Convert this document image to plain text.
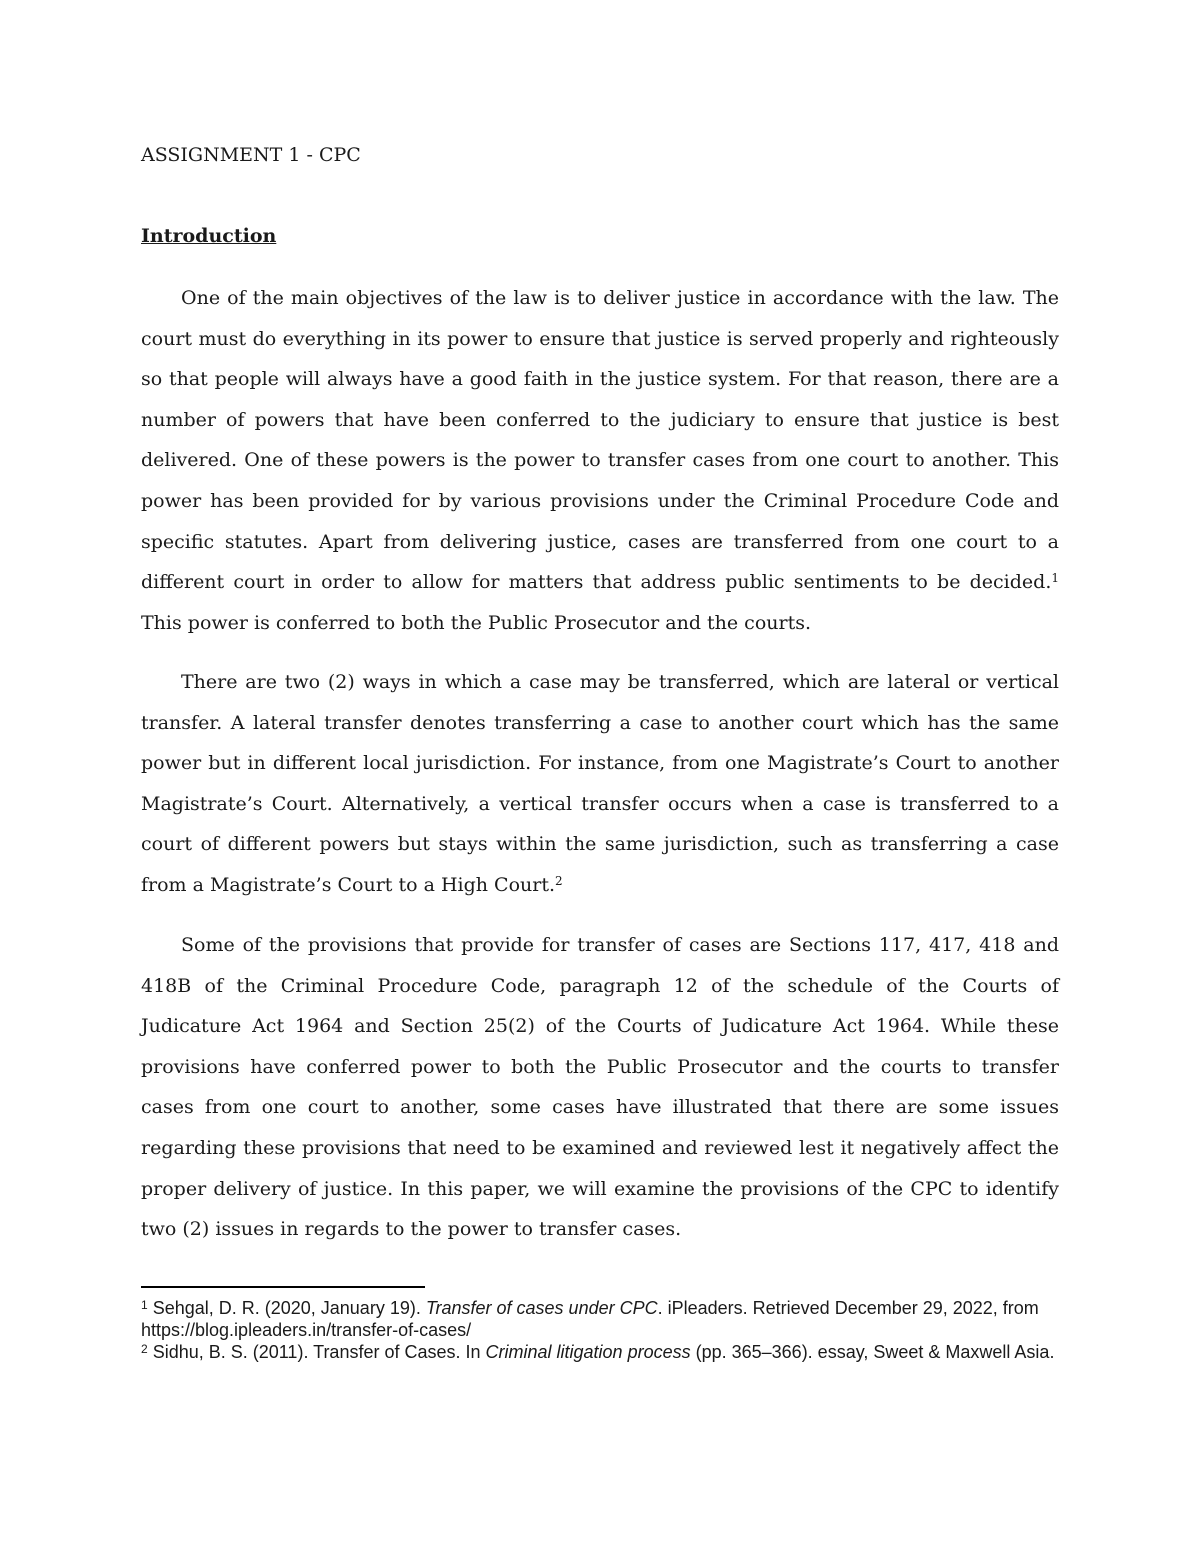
ASSIGNMENT 1 - CPC
Introduction

One of the main objectives of the law is to deliver justice in accordance with the law. The court must do everything in its power to ensure that justice is served properly and righteously so that people will always have a good faith in the justice system. For that reason, there are a number of powers that have been conferred to the judiciary to ensure that justice is best delivered. One of these powers is the power to transfer cases from one court to another. This power has been provided for by various provisions under the Criminal Procedure Code and specific statutes. Apart from delivering justice, cases are transferred from one court to a different court in order to allow for matters that address public sentiments to be decided.$^1$ This power is conferred to both the Public Prosecutor and the courts.

There are two (2) ways in which a case may be transferred, which are lateral or vertical transfer. A lateral transfer denotes transferring a case to another court which has the same power but in different local jurisdiction. For instance, from one Magistrate’s Court to another Magistrate’s Court. Alternatively, a vertical transfer occurs when a case is transferred to a court of different powers but stays within the same jurisdiction, such as transferring a case from a Magistrate’s Court to a High Court.$^2$

Some of the provisions that provide for transfer of cases are Sections 117, 417, 418 and 418B of the Criminal Procedure Code, paragraph 12 of the schedule of the Courts of Judicature Act 1964 and Section 25(2) of the Courts of Judicature Act 1964. While these provisions have conferred power to both the Public Prosecutor and the courts to transfer cases from one court to another, some cases have illustrated that there are some issues regarding these provisions that need to be examined and reviewed lest it negatively affect the proper delivery of justice. In this paper, we will examine the provisions of the CPC to identify two (2) issues in regards to the power to transfer cases.

$^1$ Sehgal, D. R. (2020, January 19). Transfer of cases under CPC. iPleaders. Retrieved December 29, 2022, from https://blog.ipleaders.in/transfer-of-cases/

$^2$ Sidhu, B. S. (2011). Transfer of Cases. In Criminal litigation process (pp. 365–366). essay, Sweet & Maxwell Asia.
